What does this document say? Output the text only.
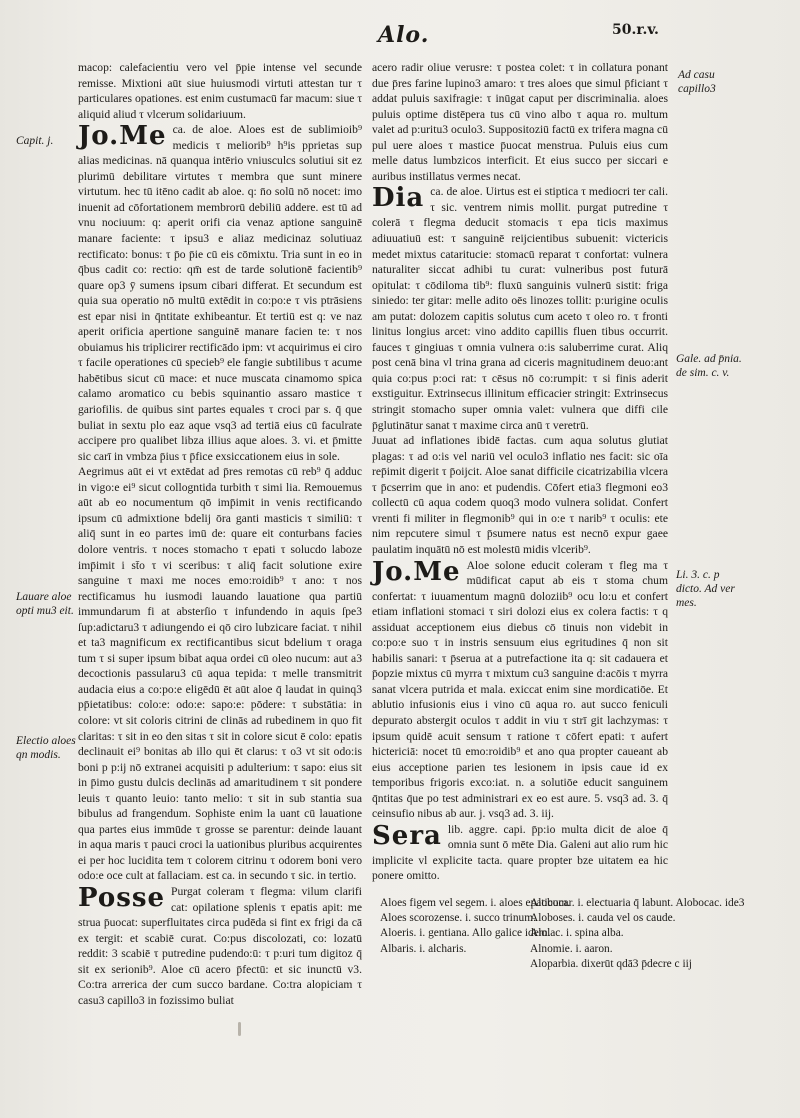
Alo.	50.r.v.
Capit. j.
Lauare aloe opti mu3 eit.
Electio aloes qn modis.
Ad casu capillo3
Gale. ad p̄nia. de sim. c. v.
Li. 3. c. p dicto. Ad ver mes.

macop: calefacientiu vero vel p̄pie intense vel secunde remisse. Mixtioni aūt siue huiusmodi virtuti attestan tur τ particulares opationes. est enim custumacū far macum: siue τ aliquid aliud τ vlcerum solidariuum.

Jo.Me ca. de aloe. Aloes est de sublimioib⁹ medicis τ meliorib⁹ h⁹is pprietas sup alias medicinas. nā quanqua intērio vniusculcs solutiui sit ez plurimū debilitare virtutes τ membra que sunt minere virtutum. hec tū itēno cadit ab aloe. q: n̄o solū nō nocet: imo inuenit ad cōfortationem membrorū debiliū addere. est tū ad vnu nociuum: q: aperit orifi cia venaz aptione sanguinē manare faciente: τ ipsu3 e aliaz medicinaz solutiuaz rectificato: bonus: τ p̄o p̄ie cū eis cōmixtu. Tria sunt in eo in q̄bus cadit co: rectio: qm̄ est de tarde solutionē facientib⁹ quare op3 ȳ sumens ipsum cibari differat. Et secundum est quia sua operatio nō multū extēdit in co:po:e τ vis ptrāsiens est epar nisi in q̄ntitate exhibeantur. Et tertiū est q: ve naz aperit orificia apertione sanguinē manare facien te: τ nos obuiamus his triplicirer rectificādo ipm: vt acquirimus ei ciro τ facile operationes cū specieb⁹ ele fangie subtilibus τ acume habētibus sicut cū mace: et nuce muscata cinamomo spica calamo aromatico cu bebis squinantio assaro mastice τ gariofilis. de quibus sint partes equales τ croci par s. q̄ que buliat in sextu plo eaz aque vsq3 ad tertiā eius cū faculrate accipere pro qualibet libza illius aque aloes. 3. vi. et p̄mitte sic carī in vmbza p̄ius τ p̄fice exsiccationem eius in sole.

Aegrimus aūt ei vt extēdat ad p̄res remotas cū reb⁹ q̄ adduc in vigo:e ei⁹ sicut collogntida turbith τ simi lia. Remouemus aūt ab eo nocumentum qō imp̄imit in venis rectificando ipsum cū admixtione bdelij ōra ganti masticis τ similiū: τ aliq̄ sunt in eo partes imū de: quare eit conturbans facies dolore ventris. τ noces stomacho τ epati τ solucdo laboze imp̄imit i st̄o τ vi sceribus: τ aliq̄ facit solutione exire sanguine τ maxi me noces emo:roidib⁹ τ ano: τ nos rectificamus hu iusmodi lauando lauatione qua partiū immundarum fi at absterſio τ infundendo in aquis ſpe3 ſup:adictaru3 τ adiungendo ei qō ciro lubzicare faciat. τ nihil et ta3 magnificum ex rectificantibus sicut bdelium τ oraga tum τ si super ipsum bibat aqua ordei cū oleo nucum: aut a3 decoctionis passularu3 cū aqua tepida: τ melle transmitrit audacia eius a co:po:e eligēdū ēt aūt aloe q̄ laudat in quinq3 pp̄ietatibus: colo:e: odo:e: sapo:e: pōdere: τ substātia: in colore: vt sit coloris citrini de clinās ad rubedinem in quo fit claritas: τ sit in eo den sitas τ sit in colore sicut ē colo: epatis declinauit ei⁹ bonitas ab illo qui ēt clarus: τ o3 vt sit odo:is boni p p:ij nō extranei acquisiti p adulterium: τ sapo: eius sit in p̄imo gustu dulcis declinās ad amaritudinem τ sit pondere leuis τ quanto leuio: tanto melio: τ sit in sub stantia sua bibulus ad frangendum. Sophiste enim la uant cū lauatione qua partes eius immūde τ grosse se parentur: deinde lauant in aqua maris τ pauci croci la uationibus pluribus acquirentes ei per hoc lucidita tem τ colorem citrinu τ odorem boni vero odo:e oce cult at fallaciam. est ca. in secundo τ sic. in tertio.

Posse Purgat coleram τ flegma: vilum clarifi cat: opilatione splenis τ epatis apit: me strua p̄uocat: superfluitates circa pudēda si fint ex frigi da cā ex tergit: et scabiē curat. Co:pus discolozati, co: lozatū reddit: 3 scabiē τ putredine pudendo:ū: τ p:uri tum digitoz q̄ sit ex serionib⁹. Aloe cū acero p̄fectū: et sic inunctū v3. Co:tra arrerica der cum succo bardane. Co:tra alopiciam τ casu3 capillo3 in fozissimo buliat

acero radir oliue verusre: τ postea colet: τ in collatura ponant due p̄res farine lupino3 amaro: τ tres aloes que simul p̄ficiant τ addat puluis saxifragie: τ inūgat caput per discriminalia. aloes puluis optime distēpera tus cū vino albo τ aqua ro. multum valet ad p:uritu3 oculo3. Suppositoziū factū ex trifera magna cū pul uere aloes τ mastice p̄uocat menstrua. Puluis eius cum melle datus lumbzicos interficit. Et eius succo per siccari e auribus instillatus vermes necat.

Dia ca. de aloe. Uirtus est ei stiptica τ mediocri ter cali. τ sic. ventrem nimis mollit. purgat putredine τ colerā τ flegma deducit stomacis τ epa ticis maximus adiuuatiuū est: τ sanguinē reijcientibus subuenit: victericis medet mixtus cataritucie: stomacū reparat τ confortat: vulnera naturaliter siccat adhibi tu curat: vulneribus post futurā opitulat: τ cōdiloma tib⁹: fluxū sanguinis vulnerū sistit: friga siniedo: ter gitar: melle adito oēs linozes tollit: p:urigine oculis am putat: dolozem capitis solutus cum aceto τ oleo ro. τ fronti linitus longius arcet: vino addito capillis fluen tibus occurrit. fauces τ gingiuas τ omnia vulnera o:is saluberrime curat. Aliq post cenā bina vl trina grana ad ciceris magnitudinem deuo:ant quia co:pus p:oci rat: τ cēsus nō co:rumpit: τ si finis aderit exstiguitur. Extrinsecus illinitum efficacier stringit: Extrinsecus stringit stomacho super omnia valet: vulnera que diffi cile p̄glutinātur sanat τ maxime circa anū τ veretrū.

Juuat ad inflationes ibidē factas. cum aqua solutus glutiat plagas: τ ad o:is vel nariū vel oculo3 inflatio nes facit: sic oīa rep̄imit digerit τ p̄oijcit. Aloe sanat difficile cicatrizabilia vlcera τ p̄cserrim que in ano: et pudendis. Cōfert etia3 flegmoni eo3 collectū cū aqua codem quoq3 modo vulnera solidat. Confert vrenti fi militer in flegmonib⁹ qui in o:e τ narib⁹ τ oculis: ete nim repcutere simul τ p̄sumere natus est necnō expur gaee paulatim inquātū nō est molestū midis vlcerib⁹.

Jo.Me Aloe solone educit coleram τ fleg ma τ mūdificat caput ab eis τ stoma chum confertat: τ iuuamentum magnū doloziib⁹ ocu lo:u et confert etiam inflationi stomaci τ siri dolozi eius ex colera factis: τ q assiduat acceptionem eius diebus cō tinuis non videbit in co:po:e suo τ in instris sensuum eius egritudines q̄ non sit habilis sanari: τ p̄serua at a putrefactione ita q: sit cadauera et p̄opzie mixtus cū myrra τ mixtum cu3 sanguine d:acōis τ myrra sanat vlcera putrida et mala. exiccat enim sine mordicatiōe. Et ablutio infusionis eius i vino cū aqua ro. aut succo feniculi depurato abstergit oculos τ addit in viu τ strī git lachzymas: τ ipsum quidē acuit sensum τ ratione τ cōfert epati: τ aufert hictericiā: nocet tū emo:roidib⁹ et ano qua propter caueant ab eius acceptione parien tes lesionem in ipsis caue id ex temporibus frigoris exco:iat. n. a solutiōe educit sanguinem q̄ntitas q̄ue po test administrari ex eo est aure. 5. vsq3 ad. 3. q̄ ceinsufio nibus ab aur. j. vsq3 ad. 3. iij.
Sera lib. aggre. capi. p̄p:io multa dicit de aloe q̄ omnia sunt ō mēte Dia. Galeni aut alio rum hic implicite vl explicite tacta. quare propter bze uitatem ea hic ponere omitto.
Aloes figem vel segem. i. aloes epaticum.
Alobocar. i. electuaria q̄ labunt. Alobocac. ide3
Aloes scorozense. i. succo trinum.
Aloboses. i. cauda vel os caude.
Aloeris. i. gentiana. Allo galice idem.
Alolac. i. spina alba.
Albaris. i. alcharis.	Alnomie. i. aaron.
Aloparbia. dixerūt qdā3 p̄decre c iij
